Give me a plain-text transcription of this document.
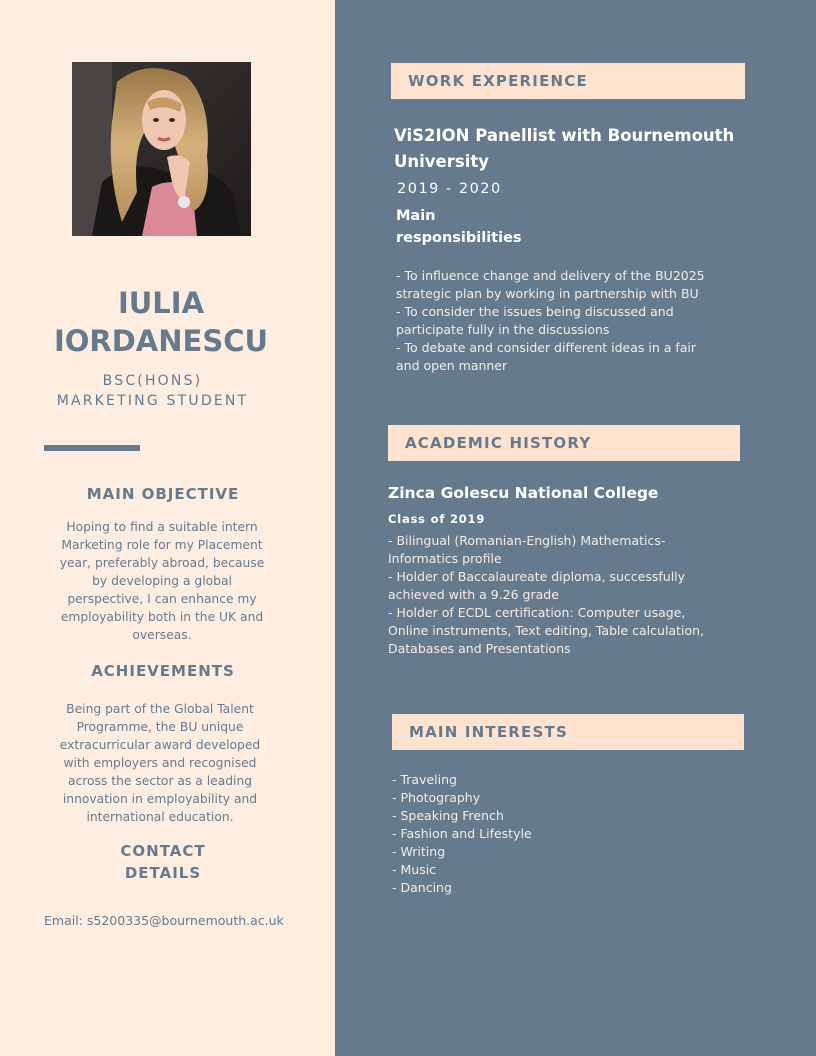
IULIA
IORDANESCU
BSC(HONS)
MARKETING STUDENT
MAIN OBJECTIVE
Hoping to find a suitable intern
Marketing role for my Placement
year, preferably abroad, because
by developing a global
perspective, I can enhance my
employability both in the UK and
overseas.
ACHIEVEMENTS
Being part of the Global Talent
Programme, the BU unique
extracurricular award developed
with employers and recognised
across the sector as a leading
innovation in employability and
international education.
CONTACT
DETAILS
Email: s5200335@bournemouth.ac.uk
WORK EXPERIENCE
ViS2ION Panellist with Bournemouth
University
2019 - 2020
Main
responsibilities
- To influence change and delivery of the BU2025
strategic plan by working in partnership with BU
- To consider the issues being discussed and
participate fully in the discussions
- To debate and consider different ideas in a fair
and open manner
ACADEMIC HISTORY
Zinca Golescu National College
Class of 2019
- Bilingual (Romanian-English) Mathematics-
Informatics profile
- Holder of Baccalaureate diploma, successfully
achieved with a 9.26 grade
- Holder of ECDL certification: Computer usage,
Online instruments, Text editing, Table calculation,
Databases and Presentations
MAIN INTERESTS
- Traveling
- Photography
- Speaking French
- Fashion and Lifestyle
- Writing
- Music
- Dancing
